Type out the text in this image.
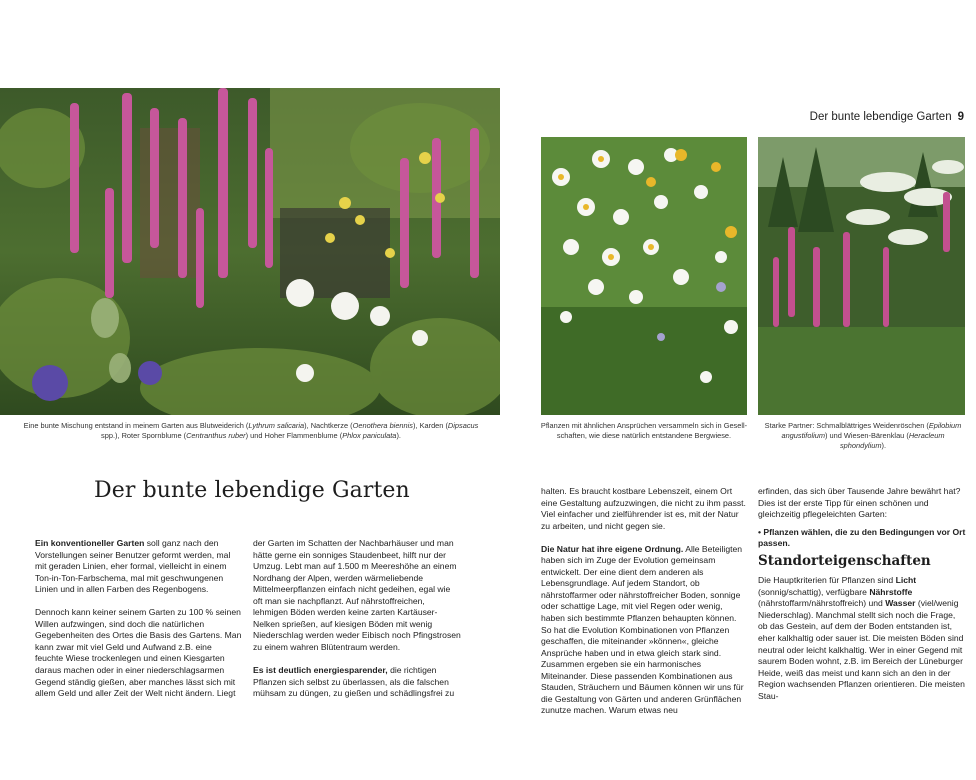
Eine bunte Mischung entstand in meinem Garten aus Blutweiderich (Lythrum salicaria), Nachtkerze (Oenothera biennis), Karden (Dipsacus spp.), Roter Spornblume (Centranthus ruber) und Hoher Flammenblume (Phlox paniculata).
Pflanzen mit ähnlichen Ansprüchen versammeln sich in Gesell-
schaften, wie diese natürlich entstandene Bergwiese.
Starke Partner: Schmalblättriges Weidenröschen (Epilobium angustifolium) und Wiesen-Bärenklau (Heracleum sphondylium).
Der bunte lebendige Garten 9
Der bunte lebendige Garten

Ein konventioneller Garten soll ganz nach den Vorstellungen seiner Benutzer geformt werden, mal mit geraden Linien, eher formal, vielleicht in einem Ton-in-Ton-Farbschema, mal mit geschwungenen Linien und in allen Farben des Regenbogens.

Dennoch kann keiner seinem Garten zu 100 % seinen Willen aufzwingen, sind doch die natürlichen Gegebenheiten des Ortes die Basis des Gartens. Man kann zwar mit viel Geld und Aufwand z.B. eine feuchte Wiese trockenlegen und einen Kiesgarten daraus machen oder in einer niederschlagsarmen Gegend ständig gießen, aber manches lässt sich mit allem Geld und aller Zeit der Welt nicht ändern. Liegt

der Garten im Schatten der Nachbarhäuser und man hätte gerne ein sonniges Staudenbeet, hilft nur der Umzug. Lebt man auf 1.500 m Meereshöhe an einem Nordhang der Alpen, werden wärmeliebende Mittelmeerpflanzen einfach nicht gedeihen, egal wie oft man sie nachpflanzt. Auf nährstoffreichen, lehmigen Böden werden keine zarten Kartäuser-Nelken sprießen, auf kiesigen Böden mit wenig Niederschlag werden weder Eibisch noch Pfingstrosen zu einem wahren Blütentraum werden.

Es ist deutlich energiesparender, die richtigen Pflanzen sich selbst zu überlassen, als die falschen mühsam zu düngen, zu gießen und schädlingsfrei zu

halten. Es braucht kostbare Lebenszeit, einem Ort eine Gestaltung aufzuzwingen, die nicht zu ihm passt. Viel einfacher und zielführender ist es, mit der Natur zu arbeiten, und nicht gegen sie.

Die Natur hat ihre eigene Ordnung. Alle Beteiligten haben sich im Zuge der Evolution gemeinsam entwickelt. Der eine dient dem anderen als Lebensgrundlage. Auf jedem Standort, ob nährstoffarmer oder nährstoffreicher Boden, sonnige oder schattige Lage, mit viel Regen oder wenig, haben sich bestimmte Pflanzen behaupten können. So hat die Evolution Kombinationen von Pflanzen geschaffen, die miteinander »können«, gleiche Ansprüche haben und in etwa gleich stark sind. Zusammen ergeben sie ein harmonisches Miteinander. Diese passenden Kombinationen aus Stauden, Sträuchern und Bäumen können wir uns für die Gestaltung von Gärten und anderen Grünflächen zunutze machen. Warum etwas neu

erfinden, das sich über Tausende Jahre bewährt hat? Dies ist der erste Tipp für einen schönen und gleichzeitig pflegeleichten Garten:

• Pflanzen wählen, die zu den Bedingungen vor Ort passen.

Standorteigenschaften

Die Hauptkriterien für Pflanzen sind Licht (sonnig/schattig), verfügbare Nährstoffe (nährstoffarm/nährstoffreich) und Wasser (viel/wenig Niederschlag). Manchmal stellt sich noch die Frage, ob das Gestein, auf dem der Boden entstanden ist, eher kalkhaltig oder sauer ist. Die meisten Böden sind neutral oder leicht kalkhaltig. Wer in einer Gegend mit saurem Boden wohnt, z.B. im Bereich der Lüneburger Heide, weiß das meist und kann sich an den in der Region wachsenden Pflanzen orientieren. Die meisten Stau-
